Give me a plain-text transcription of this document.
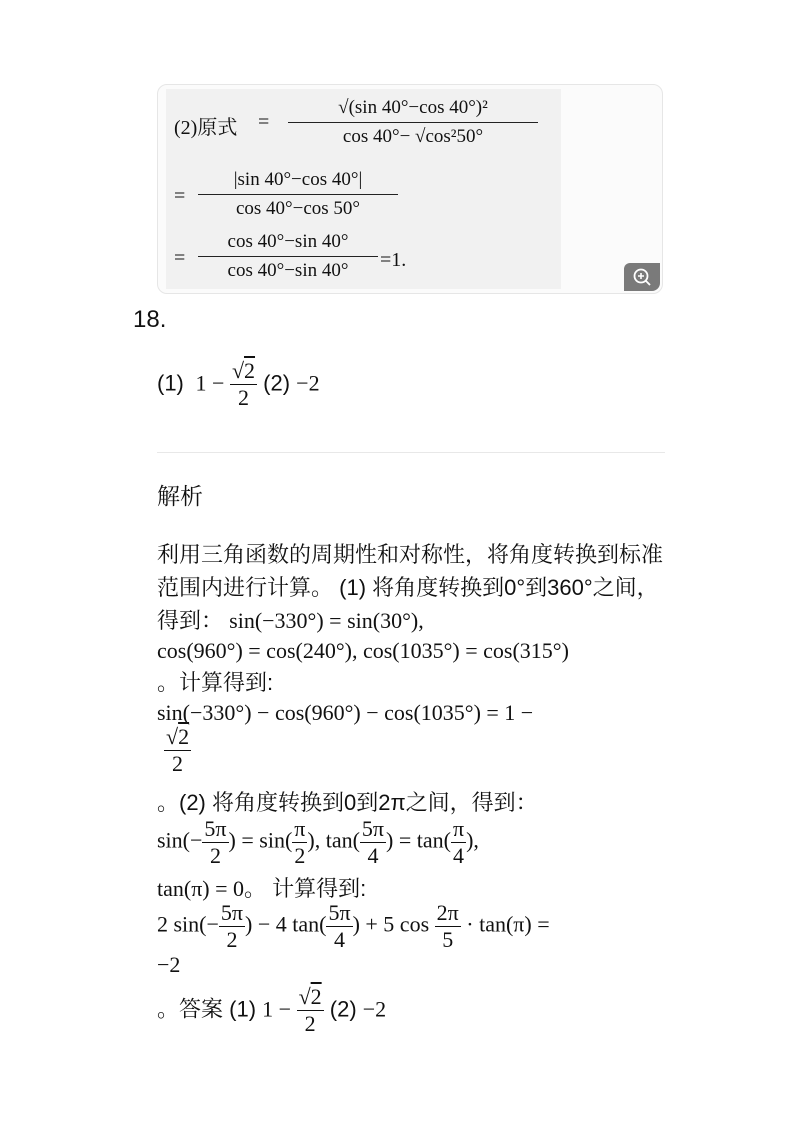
(2)原式 = $\frac{\text{√(sin 40°−cos 40°)²}}{\text{cos 40°− √cos²50°}}$
= $\frac{|\sin 40^\circ-\cos 40^\circ|}{\cos 40^\circ-\cos 50^\circ}$
= $\frac{\cos 40^\circ-\sin 40^\circ}{\cos 40^\circ-\sin 40^\circ} =1$.
18.
(1)  $1 - \frac{√2}{2} (2) -2$
解析
利用三角函数的周期性和对称性，将角度转换到标准范围内进行计算。 (1) 将角度转换到0°到360°之间，得到： sin(−330°) = sin(30°),
cos(960°) = cos(240°), cos(1035°) = cos(315°)
。计算得到:
sin(−330°) − cos(960°) − cos(1035°) = 1 −
$\frac{√2}{2}$
。(2) 将角度转换到0到2π之间，得到：
$\sin(- \frac{5\pi}{2}$ ) = $\sin( \frac{\pi}{2}$ ), $\tan( \frac{5\pi}{4}$ ) = $\tan( \frac{\pi}{4}$ ),
tan(π) = 0。 计算得到:
2 $\sin(- \frac{5\pi}{2}$ ) − 4 $\tan( \frac{5\pi}{4}$ ) + 5 $\cos \frac{2\pi}{5} \cdot \tan(\pi)$ =
−2
。答案 (1) $1 - \frac{√2}{2} (2) -2$
